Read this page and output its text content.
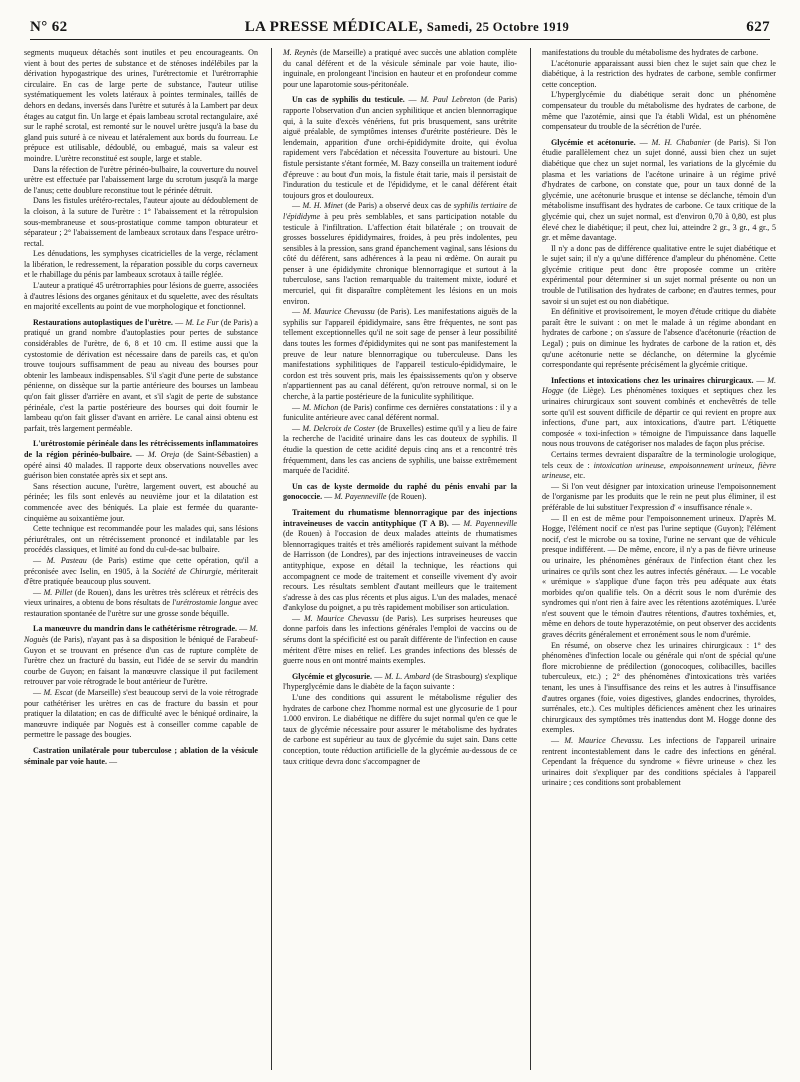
N° 62	LA PRESSE MÉDICALE, Samedi, 25 Octobre 1919	627

segments muqueux détachés sont inutiles et peu encourageants. On vient à bout des pertes de substance et de sténoses indélébiles par la dérivation hypogastrique des urines, l'urétrectomie et l'urétrorraphie circulaire. En cas de large perte de substance, l'auteur utilise systématiquement les volets latéraux à pointes terminales, taillés de dehors en dedans, inversés dans l'urètre et suturés à la Lambert par deux étages au catgut fin. Un large et épais lambeau scrotal rectangulaire, axé sur le raphé scrotal, est remonté sur le nouvel urètre jusqu'à la base du gland puis suturé à ce niveau et latéralement aux bords du fourreau. Le prépuce est utilisable, dédoublé, ou embagué, mais sa valeur est moindre. L'urètre reconstitué est souple, large et stable.

Dans la réfection de l'urètre périnéo-bulbaire, la couverture du nouvel urètre est effectuée par l'abaissement large du scrotum jusqu'à la marge de l'anus; cette doublure reconstitue tout le périnée détruit.

Dans les fistules urétéro-rectales, l'auteur ajoute au dédoublement de la cloison, à la suture de l'urètre : 1° l'abaissement et la rétropulsion sous-membraneuse et sous-prostatique comme tampon obturateur et séparateur ; 2° l'abaissement de lambeaux scrotaux dans l'espace urétro-rectal.

Les dénudations, les symphyses cicatricielles de la verge, réclament la libération, le redressement, la réparation possible du corps caverneux et le rhabillage du pénis par lambeaux scrotaux à taille réglée.

L'auteur a pratiqué 45 urétrorraphies pour lésions de guerre, associées à d'autres lésions des organes génitaux et du squelette, avec des résultats en majorité excellents au point de vue morphologique et fonctionnel.

Restaurations autoplastiques de l'urètre. — M. Le Fur (de Paris) a pratiqué un grand nombre d'autoplasties pour pertes de substance considérables de l'urètre, de 6, 8 et 10 cm. Il estime aussi que la cystostomie de dérivation est nécessaire dans de pareils cas, et qu'on trouve toujours suffisamment de peau au niveau des bourses pour obtenir les lambeaux indispensables. S'il s'agit d'une perte de substance pénienne, on dissèque sur la partie antérieure des bourses un lambeau qu'on fait glisser d'arrière en avant, et s'il s'agit de perte de substance périnéale, c'est la partie postérieure des bourses qui doit fournir le lambeau qu'on fait glisser d'avant en arrière. Le canal ainsi obtenu est parfait, très largement perméable.

L'urétrostomie périnéale dans les rétrécissements inflammatoires de la région périnéo-bulbaire. — M. Oreja (de Saint-Sébastien) a opéré ainsi 40 malades. Il rapporte deux observations nouvelles avec guérison bien constatée après six et sept ans.

Sans résection aucune, l'urètre, largement ouvert, est abouché au périnée; les fils sont enlevés au neuvième jour et la dilatation est commencée avec des béniqués. La plaie est fermée du quarante-cinquième au soixantième jour.

Cette technique est recommandée pour les malades qui, sans lésions périurétrales, ont un rétrécissement prononcé et indilatable par les procédés classiques, et limité au fond du cul-de-sac bulbaire.

— M. Pasteau (de Paris) estime que cette opération, qu'il a préconisée avec Iselin, en 1905, à la Société de Chirurgie, mériterait d'être pratiquée beaucoup plus souvent.

— M. Pillet (de Rouen), dans les urètres très scléreux et rétrécis des vieux urinaires, a obtenu de bons résultats de l'urétrostomie longue avec restauration spontanée de l'urètre sur une grosse sonde béquille.

La manœuvre du mandrin dans le cathétérisme rétrograde. — M. Noguès (de Paris), n'ayant pas à sa disposition le béniqué de Farabeuf-Guyon et se trouvant en présence d'un cas de rupture complète de l'urètre chez un fracturé du bassin, eut l'idée de se servir du mandrin courbe de Guyon; en faisant la manœuvre classique il put facilement retrouver par voie rétrograde le bout antérieur de l'urètre.

— M. Escat (de Marseille) s'est beaucoup servi de la voie rétrograde pour cathétériser les urètres en cas de fracture du bassin et pour pratiquer la dilatation; en cas de difficulté avec le béniqué ordinaire, la manœuvre indiquée par Noguès est à conseiller comme capable de permettre le passage des bougies.

Castration unilatérale pour tuberculose ; ablation de la vésicule séminale par voie haute. —

M. Reynès (de Marseille) a pratiqué avec succès une ablation complète du canal déférent et de la vésicule séminale par voie haute, ilio-inguinale, en prolongeant l'incision en hauteur et en profondeur comme pour une laparotomie sous-péritonéale.

Un cas de syphilis du testicule. — M. Paul Lebreton (de Paris) rapporte l'observation d'un ancien syphilitique et ancien blennorragique qui, à la suite d'excès vénériens, fut pris brusquement, sans urétrite aiguë préalable, de symptômes intenses d'urétrite postérieure. Dès le lendemain, apparition d'une orchi-épididymite droite, qui évolua rapidement vers l'abcédation et nécessita l'ouverture au bistouri. Une fistule persistante s'étant formée, M. Bazy conseilla un traitement ioduré d'épreuve : au bout d'un mois, la fistule était tarie, mais il persistait de l'induration du testicule et de l'épididyme, et le canal déférent était toujours gros et douloureux.

— M. H. Minet (de Paris) a observé deux cas de syphilis tertiaire de l'épididyme à peu près semblables, et sans participation notable du testicule à l'infiltration. L'affection était bilatérale ; on trouvait de grosses bosselures épididymaires, froides, à peu près indolentes, peu sensibles à la pression, sans grand épanchement vaginal, sans lésions du côté du déférent, sans adhérences à la peau ni œdème. On aurait pu penser à une épididymite chronique blennorragique et surtout à la tuberculose, sans l'action remarquable du traitement mixte, ioduré et mercuriel, qui fit disparaître complètement les lésions en un mois environ.

— M. Maurice Chevassu (de Paris). Les manifestations aiguës de la syphilis sur l'appareil épididymaire, sans être fréquentes, ne sont pas tellement exceptionnelles qu'il ne soit sage de penser à leur possibilité dans toutes les formes d'épididymites qui ne sont pas manifestement la preuve de leur nature blennorragique ou tuberculeuse. Dans les manifestations syphilitiques de l'appareil testiculo-épididymaire, le cordon est très souvent pris, mais les épaississements qu'on y observe n'appartiennent pas au canal déférent, qu'on retrouve normal, si on le cherche, à la partie postérieure de la funiculite syphilitique.

— M. Michon (de Paris) confirme ces dernières constatations : il y a funiculite antérieure avec canal déférent normal.

— M. Delcroix de Coster (de Bruxelles) estime qu'il y a lieu de faire la recherche de l'acidité urinaire dans les cas douteux de syphilis. Il étudie la question de cette acidité depuis cinq ans et a rencontré très fréquemment, dans les cas anciens de syphilis, une baisse extrêmement marquée de l'acidité.

Un cas de kyste dermoïde du raphé du pénis envahi par la gonococcie. — M. Payenneville (de Rouen).

Traitement du rhumatisme blennorragique par des injections intraveineuses de vaccin antityphique (T A B). — M. Payenneville (de Rouen) à l'occasion de deux malades atteints de rhumatismes blennorragiques traités et très améliorés rapidement suivant la méthode de Harrisson (de Londres), par des injections intraveineuses de vaccin antityphique, expose en détail la technique, les réactions qui accompagnent ce mode de traitement et conseille vivement d'y avoir recours. Les résultats semblent d'autant meilleurs que le traitement s'adresse à des cas plus récents et plus aigus. L'un des malades, menacé d'ankylose du poignet, a pu très rapidement mobiliser son articulation.

— M. Maurice Chevassu (de Paris). Les surprises heureuses que donne parfois dans les infections générales l'emploi de vaccins ou de sérums dont la spécificité est ou paraît différente de l'infection en cause méritent d'être mises en relief. Les grandes infections des blessés de guerre nous en ont montré maints exemples.

Glycémie et glycosurie. — M. L. Ambard (de Strasbourg) s'explique l'hyperglycémie dans le diabète de la façon suivante :

L'une des conditions qui assurent le métabolisme régulier des hydrates de carbone chez l'homme normal est une glycosurie de 1 pour 1.000 environ. Le diabétique ne diffère du sujet normal qu'en ce que le taux de glycémie nécessaire pour assurer le métabolisme des hydrates de carbone est supérieur au taux de glycémie du sujet sain. Dans cette conception, toute réduction artificielle de la glycémie au-dessous de ce taux critique devra donc s'accompagner de

manifestations du trouble du métabolisme des hydrates de carbone.

L'acétonurie apparaissant aussi bien chez le sujet sain que chez le diabétique, à la restriction des hydrates de carbone, semble confirmer cette conception.

L'hyperglycémie du diabétique serait donc un phénomène compensateur du trouble du métabolisme des hydrates de carbone, de même que l'azotémie, ainsi que l'a établi Widal, est un phénomène compensateur du trouble de la sécrétion de l'urée.

Glycémie et acétonurie. — M. H. Chabanier (de Paris). Si l'on étudie parallèlement chez un sujet donné, aussi bien chez un sujet diabétique que chez un sujet normal, les variations de la glycémie du plasma et les variations de l'acétone urinaire à un régime privé d'hydrates de carbone, on constate que, pour un taux donné de la glycémie, une acétonurie brusque et intense se déclanche, témoin d'un métabolisme insuffisant des hydrates de carbone. Ce taux critique de la glycémie qui, chez un sujet normal, est d'environ 0,70 à 0,80, est plus élevé chez le diabétique; il peut, chez lui, atteindre 2 gr., 3 gr., 4 gr., 5 gr. et même davantage.

Il n'y a donc pas de différence qualitative entre le sujet diabétique et le sujet sain; il n'y a qu'une différence d'ampleur du phénomène. Cette glycémie critique peut donc être proposée comme un critère expérimental pour déterminer si un sujet normal présente ou non un trouble de l'utilisation des hydrates de carbone; en d'autres termes, pour savoir si un sujet est ou non diabétique.

En définitive et provisoirement, le moyen d'étude critique du diabète paraît être le suivant : on met le malade à un régime abondant en hydrates de carbone ; on s'assure de l'absence d'acétonurie (réaction de Legal) ; puis on diminue les hydrates de carbone de la ration et, dès qu'une acétonurie nette se déclanche, on détermine la glycémie correspondante qui représente précisément la glycémie critique.

Infections et intoxications chez les urinaires chirurgicaux. — M. Hogge (de Liège). Les phénomènes toxiques et septiques chez les urinaires chirurgicaux sont souvent combinés et enchevêtrés de telle sorte qu'il est souvent difficile de départir ce qui revient en propre aux infections, d'une part, aux intoxications, d'autre part. L'étiquette composée « toxi-infection » témoigne de l'impuissance dans laquelle nous nous trouvons de catégoriser nos malades de façon plus précise.

Certains termes devraient disparaître de la terminologie urologique, tels ceux de : intoxication urineuse, empoisonnement urineux, fièvre urineuse, etc.

— Si l'on veut désigner par intoxication urineuse l'empoisonnement de l'organisme par les produits que le rein ne peut plus éliminer, il est préférable de lui substituer l'expression d' « insuffisance rénale ».

— Il en est de même pour l'empoisonnement urineux. D'après M. Hogge, l'élément nocif ce n'est pas l'urine septique (Guyon); l'élément nocif, c'est le microbe ou sa toxine, l'urine ne servant que de véhicule presque indifférent. — De même, encore, il n'y a pas de fièvre urineuse ou urinaire, les phénomènes généraux de l'infection étant chez les urinaires ce qu'ils sont chez les autres infectés généraux. — Le vocable « urémique » s'applique d'une façon très peu adéquate aux états morbides qu'on qualifie tels. On a décrit sous le nom d'urémie des syndromes qui n'ont rien à faire avec les rétentions azotémiques. L'urée n'est souvent que le témoin d'autres rétentions, d'autres toxhémies, et, même en dehors de toute hyperazotémie, on peut observer des accidents graves décrits généralement et erronément sous le nom d'urémie.

En résumé, on observe chez les urinaires chirurgicaux : 1° des phénomènes d'infection locale ou générale qui n'ont de spécial qu'une flore microbienne de prédilection (gonocoques, colibacilles, bacilles tuberculeux, etc.) ; 2° des phénomènes d'intoxications très variées tenant, les unes à l'insuffisance des reins et les autres à l'insuffisance d'autres organes (foie, voies digestives, glandes endocrines, thyroïdes, surrénales, etc.). Ces multiples déficiences amènent chez les urinaires chirurgicaux des symptômes très inattendus dont M. Hogge donne des exemples.

— M. Maurice Chevassu. Les infections de l'appareil urinaire rentrent incontestablement dans le cadre des infections en général. Cependant la fréquence du syndrome « fièvre urineuse » chez les urinaires doit s'expliquer par des conditions spéciales à l'appareil urinaire ; ces conditions sont probablement
